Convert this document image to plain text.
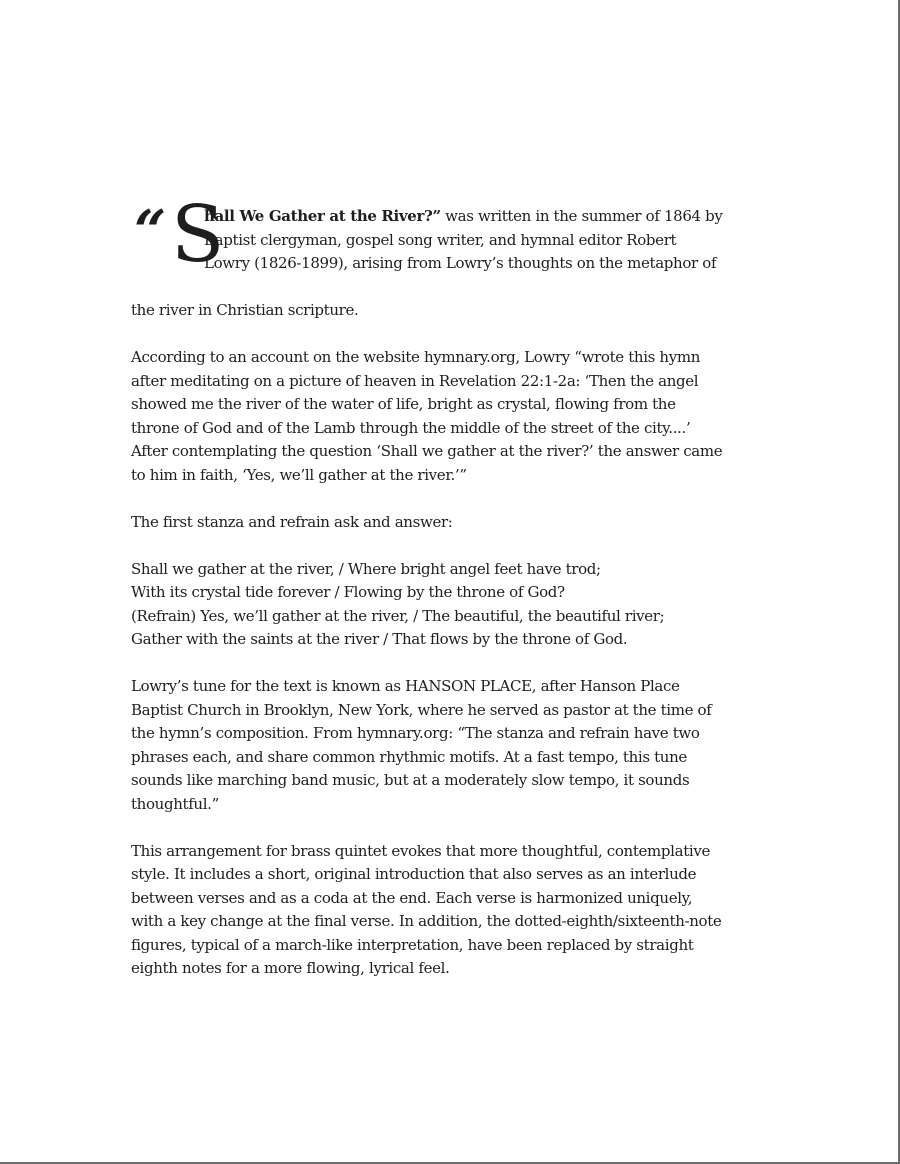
“ S
hall We Gather at the River?” was written in the summer of 1864 by
Baptist clergyman, gospel song writer, and hymnal editor Robert
Lowry (1826-1899), arising from Lowry’s thoughts on the metaphor of
the river in Christian scripture.
According to an account on the website hymnary.org, Lowry “wrote this hymn
after meditating on a picture of heaven in Revelation 22:1-2a: ‘Then the angel
showed me the river of the water of life, bright as crystal, flowing from the
throne of God and of the Lamb through the middle of the street of the city....’
After contemplating the question ‘Shall we gather at the river?’ the answer came
to him in faith, ‘Yes, we’ll gather at the river.’”
The first stanza and refrain ask and answer:
Shall we gather at the river, / Where bright angel feet have trod;
With its crystal tide forever / Flowing by the throne of God?
(Refrain) Yes, we’ll gather at the river, / The beautiful, the beautiful river;
Gather with the saints at the river / That flows by the throne of God.
Lowry’s tune for the text is known as HANSON PLACE, after Hanson Place
Baptist Church in Brooklyn, New York, where he served as pastor at the time of
the hymn’s composition. From hymnary.org: “The stanza and refrain have two
phrases each, and share common rhythmic motifs. At a fast tempo, this tune
sounds like marching band music, but at a moderately slow tempo, it sounds
thoughtful.”
This arrangement for brass quintet evokes that more thoughtful, contemplative
style. It includes a short, original introduction that also serves as an interlude
between verses and as a coda at the end. Each verse is harmonized uniquely,
with a key change at the final verse. In addition, the dotted-eighth/sixteenth-note
figures, typical of a march-like interpretation, have been replaced by straight
eighth notes for a more flowing, lyrical feel.
